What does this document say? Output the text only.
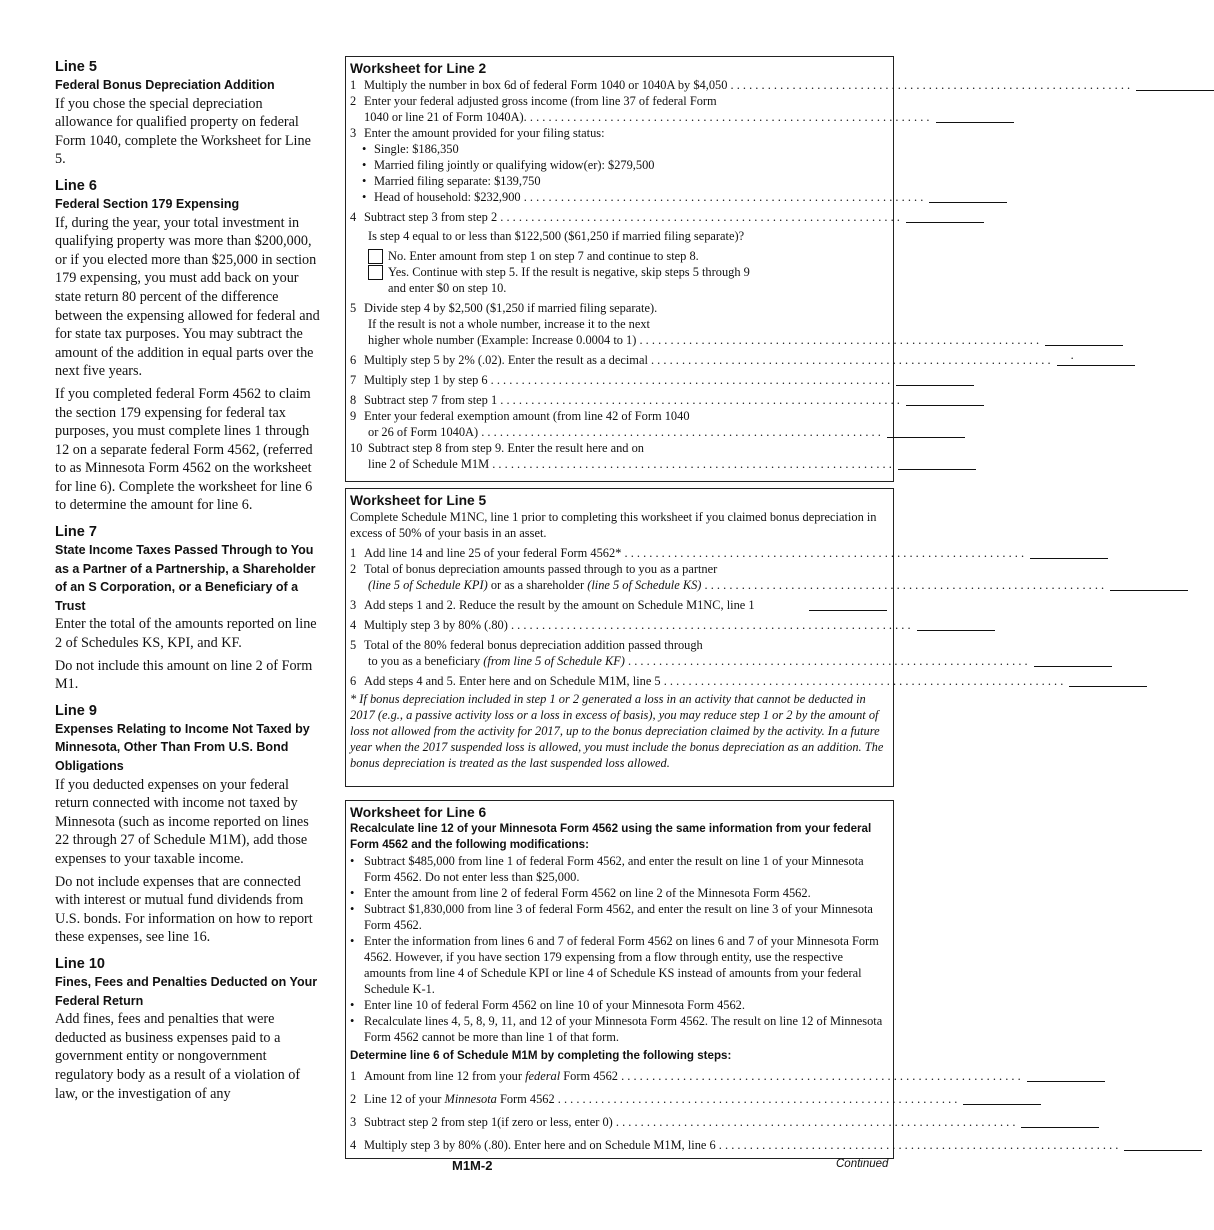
Line 5
Federal Bonus Depreciation Addition

If you chose the special depreciation allowance for qualified property on federal Form 1040, complete the Worksheet for Line 5.

Line 6
Federal Section 179 Expensing

If, during the year, your total investment in qualifying property was more than $200,000, or if you elected more than $25,000 in section 179 expensing, you must add back on your state return 80 percent of the difference between the expensing allowed for federal and for state tax purposes. You may subtract the amount of the addition in equal parts over the next five years.

If you completed federal Form 4562 to claim the section 179 expensing for federal tax purposes, you must complete lines 1 through 12 on a separate federal Form 4562, (referred to as Minnesota Form 4562 on the worksheet for line 6). Complete the worksheet for line 6 to determine the amount for line 6.

Line 7
State Income Taxes Passed Through to You as a Partner of a Partnership, a Shareholder of an S Corporation, or a Beneficiary of a Trust

Enter the total of the amounts reported on line 2 of Schedules KS, KPI, and KF.

Do not include this amount on line 2 of Form M1.

Line 9
Expenses Relating to Income Not Taxed by Minnesota, Other Than From U.S. Bond Obligations

If you deducted expenses on your federal return connected with income not taxed by Minnesota (such as income reported on lines 22 through 27 of Schedule M1M), add those expenses to your taxable income.

Do not include expenses that are connected with interest or mutual fund dividends from U.S. bonds. For information on how to report these expenses, see line 16.

Line 10
Fines, Fees and Penalties Deducted on Your Federal Return

Add fines, fees and penalties that were deducted as business expenses paid to a government entity or nongovernment regulatory body as a result of a violation of law, or the investigation of any

Worksheet for Line 2
1 Multiply the number in box 6d of federal Form 1040 or 1040A by $4,050 . . . . . . . . . . . . . . . . . . . . . . . . . . . . . . . . . . . . . . . . . . . . . . . . . . . . . . . . . . . . . . . . .
2 Enter your federal adjusted gross income (from line 37 of federal Form
1040 or line 21 of Form 1040A). . . . . . . . . . . . . . . . . . . . . . . . . . . . . . . . . . . . . . . . . . . . . . . . . . . . . . . . . . . . . . . . . .
3 Enter the amount provided for your filing status:
• Single: $186,350
• Married filing jointly or qualifying widow(er): $279,500
• Married filing separate: $139,750
• Head of household: $232,900 . . . . . . . . . . . . . . . . . . . . . . . . . . . . . . . . . . . . . . . . . . . . . . . . . . . . . . . . . . . . . . . . .
4 Subtract step 3 from step 2 . . . . . . . . . . . . . . . . . . . . . . . . . . . . . . . . . . . . . . . . . . . . . . . . . . . . . . . . . . . . . . . . .
Is step 4 equal to or less than $122,500 ($61,250 if married filing separate)?
No. Enter amount from step 1 on step 7 and continue to step 8.
Yes. Continue with step 5. If the result is negative, skip steps 5 through 9
and enter $0 on step 10.
5 Divide step 4 by $2,500 ($1,250 if married filing separate).
If the result is not a whole number, increase it to the next
higher whole number (Example: Increase 0.0004 to 1) . . . . . . . . . . . . . . . . . . . . . . . . . . . . . . . . . . . . . . . . . . . . . . . . . . . . . . . . . . . . . . . . .
6 Multiply step 5 by 2% (.02). Enter the result as a decimal . . . . . . . . . . . . . . . . . . . . . . . . . . . . . . . . . . . . . . . . . . . . . . . . . . . . . . . . . . . . . . . . . .
7 Multiply step 1 by step 6 . . . . . . . . . . . . . . . . . . . . . . . . . . . . . . . . . . . . . . . . . . . . . . . . . . . . . . . . . . . . . . . . .
8 Subtract step 7 from step 1 . . . . . . . . . . . . . . . . . . . . . . . . . . . . . . . . . . . . . . . . . . . . . . . . . . . . . . . . . . . . . . . . .
9 Enter your federal exemption amount (from line 42 of Form 1040
or 26 of Form 1040A) . . . . . . . . . . . . . . . . . . . . . . . . . . . . . . . . . . . . . . . . . . . . . . . . . . . . . . . . . . . . . . . . .
10 Subtract step 8 from step 9. Enter the result here and on
line 2 of Schedule M1M . . . . . . . . . . . . . . . . . . . . . . . . . . . . . . . . . . . . . . . . . . . . . . . . . . . . . . . . . . . . . . . . .
Worksheet for Line 5

Complete Schedule M1NC, line 1 prior to completing this worksheet if you claimed bonus depreciation in excess of 50% of your basis in an asset.

1 Add line 14 and line 25 of your federal Form 4562* . . . . . . . . . . . . . . . . . . . . . . . . . . . . . . . . . . . . . . . . . . . . . . . . . . . . . . . . . . . . . . . . .
2 Total of bonus depreciation amounts passed through to you as a partner
(line 5 of Schedule KPI) or as a shareholder (line 5 of Schedule KS) . . . . . . . . . . . . . . . . . . . . . . . . . . . . . . . . . . . . . . . . . . . . . . . . . . . . . . . . . . . . . . . . .
3 Add steps 1 and 2. Reduce the result by the amount on Schedule M1NC, line 1
4 Multiply step 3 by 80% (.80) . . . . . . . . . . . . . . . . . . . . . . . . . . . . . . . . . . . . . . . . . . . . . . . . . . . . . . . . . . . . . . . . .
5 Total of the 80% federal bonus depreciation addition passed through
to you as a beneficiary (from line 5 of Schedule KF) . . . . . . . . . . . . . . . . . . . . . . . . . . . . . . . . . . . . . . . . . . . . . . . . . . . . . . . . . . . . . . . . .
6 Add steps 4 and 5. Enter here and on Schedule M1M, line 5 . . . . . . . . . . . . . . . . . . . . . . . . . . . . . . . . . . . . . . . . . . . . . . . . . . . . . . . . . . . . . . . . .

* If bonus depreciation included in step 1 or 2 generated a loss in an activity that cannot be deducted in 2017 (e.g., a passive activity loss or a loss in excess of basis), you may reduce step 1 or 2 by the amount of loss not allowed from the activity for 2017, up to the bonus depreciation claimed by the activity. In a future year when the 2017 suspended loss is allowed, you must include the bonus depreciation as an addition. The bonus depreciation is treated as the last suspended loss allowed.

Worksheet for Line 6

Recalculate line 12 of your Minnesota Form 4562 using the same information from your federal Form 4562 and the following modifications:

• Subtract $485,000 from line 1 of federal Form 4562, and enter the result on line 1 of your Minnesota Form 4562. Do not enter less than $25,000.
• Enter the amount from line 2 of federal Form 4562 on line 2 of the Minnesota Form 4562.
• Subtract $1,830,000 from line 3 of federal Form 4562, and enter the result on line 3 of your Minnesota Form 4562.
• Enter the information from lines 6 and 7 of federal Form 4562 on lines 6 and 7 of your Minnesota Form 4562. However, if you have section 179 expensing from a flow through entity, use the respective amounts from line 4 of Schedule KPI or line 4 of Schedule KS instead of amounts from your federal Schedule K-1.
• Enter line 10 of federal Form 4562 on line 10 of your Minnesota Form 4562.
• Recalculate lines 4, 5, 8, 9, 11, and 12 of your Minnesota Form 4562. The result on line 12 of Minnesota Form 4562 cannot be more than line 1 of that form.

Determine line 6 of Schedule M1M by completing the following steps:

1 Amount from line 12 from your federal Form 4562 . . . . . . . . . . . . . . . . . . . . . . . . . . . . . . . . . . . . . . . . . . . . . . . . . . . . . . . . . . . . . . . . .
2 Line 12 of your Minnesota Form 4562 . . . . . . . . . . . . . . . . . . . . . . . . . . . . . . . . . . . . . . . . . . . . . . . . . . . . . . . . . . . . . . . . .
3 Subtract step 2 from step 1(if zero or less, enter 0) . . . . . . . . . . . . . . . . . . . . . . . . . . . . . . . . . . . . . . . . . . . . . . . . . . . . . . . . . . . . . . . . .
4 Multiply step 3 by 80% (.80). Enter here and on Schedule M1M, line 6 . . . . . . . . . . . . . . . . . . . . . . . . . . . . . . . . . . . . . . . . . . . . . . . . . . . . . . . . . . . . . . . . .
M1M-2	Continued
